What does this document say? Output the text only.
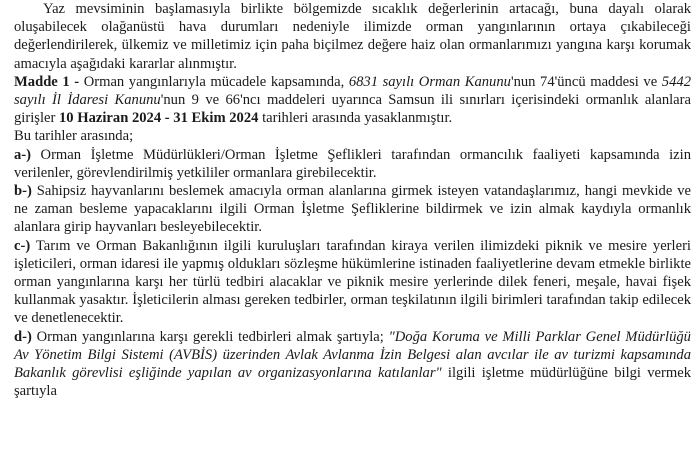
Yaz mevsiminin başlamasıyla birlikte bölgemizde sıcaklık değerlerinin artacağı, buna dayalı olarak oluşabilecek olağanüstü hava durumları nedeniyle ilimizde orman yangınlarının ortaya çıkabileceği değerlendirilerek, ülkemiz ve milletimiz için paha biçilmez değere haiz olan ormanlarımızı yangına karşı korumak amacıyla aşağıdaki kararlar alınmıştır.

Madde 1 - Orman yangınlarıyla mücadele kapsamında, 6831 sayılı Orman Kanunu'nun 74'üncü maddesi ve 5442 sayılı İl İdaresi Kanunu'nun 9 ve 66'ncı maddeleri uyarınca Samsun ili sınırları içerisindeki ormanlık alanlara girişler 10 Haziran 2024 - 31 Ekim 2024 tarihleri arasında yasaklanmıştır.

Bu tarihler arasında;

a-) Orman İşletme Müdürlükleri/Orman İşletme Şeflikleri tarafından ormancılık faaliyeti kapsamında izin verilenler, görevlendirilmiş yetkililer ormanlara girebilecektir.

b-) Sahipsiz hayvanlarını beslemek amacıyla orman alanlarına girmek isteyen vatandaşlarımız, hangi mevkide ve ne zaman besleme yapacaklarını ilgili Orman İşletme Şefliklerine bildirmek ve izin almak kaydıyla ormanlık alanlara girip hayvanları besleyebilecektir.

c-) Tarım ve Orman Bakanlığının ilgili kuruluşları tarafından kiraya verilen ilimizdeki piknik ve mesire yerleri işleticileri, orman idaresi ile yapmış oldukları sözleşme hükümlerine istinaden faaliyetlerine devam etmekle birlikte orman yangınlarına karşı her türlü tedbiri alacaklar ve piknik mesire yerlerinde dilek feneri, meşale, havai fişek kullanmak yasaktır. İşleticilerin alması gereken tedbirler, orman teşkilatının ilgili birimleri tarafından takip edilecek ve denetlenecektir.

d-) Orman yangınlarına karşı gerekli tedbirleri almak şartıyla; "Doğa Koruma ve Milli Parklar Genel Müdürlüğü Av Yönetim Bilgi Sistemi (AVBİS) üzerinden Avlak Avlanma İzin Belgesi alan avcılar ile av turizmi kapsamında Bakanlık görevlisi eşliğinde yapılan av organizasyonlarına katılanlar" ilgili işletme müdürlüğüne bilgi vermek şartıyla
